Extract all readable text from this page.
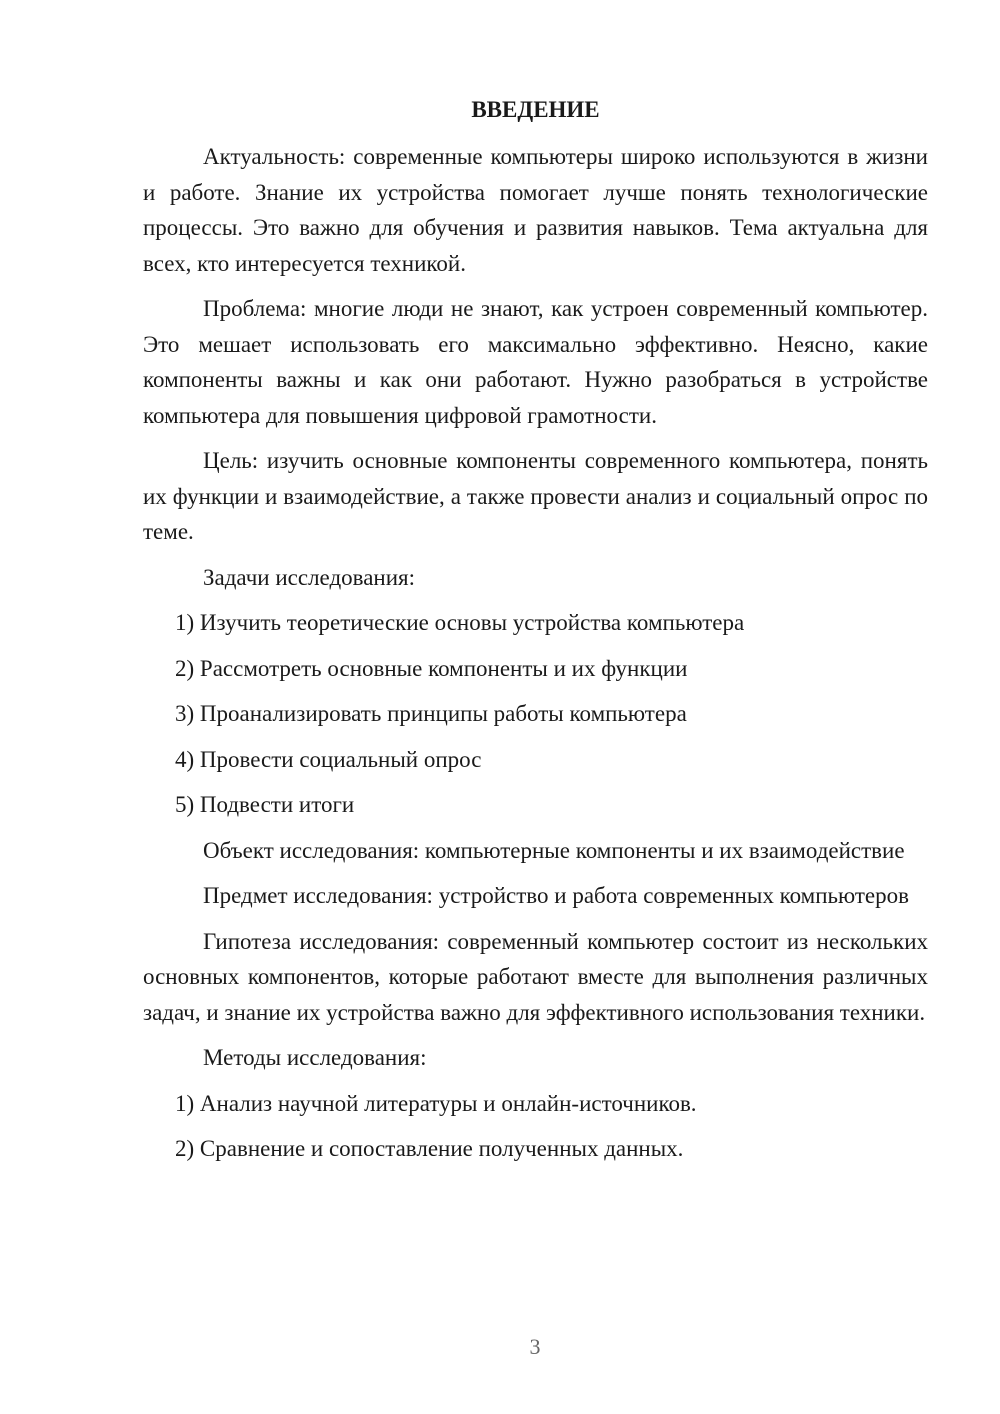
ВВЕДЕНИЕ
Актуальность: современные компьютеры широко используются в жизни и работе. Знание их устройства помогает лучше понять технологические процессы. Это важно для обучения и развития навыков. Тема актуальна для всех, кто интересуется техникой.
Проблема: многие люди не знают, как устроен современный компьютер. Это мешает использовать его максимально эффективно. Неясно, какие компоненты важны и как они работают. Нужно разобраться в устройстве компьютера для повышения цифровой грамотности.
Цель: изучить основные компоненты современного компьютера, понять их функции и взаимодействие, а также провести анализ и социальный опрос по теме.
Задачи исследования:
1) Изучить теоретические основы устройства компьютера
2) Рассмотреть основные компоненты и их функции
3) Проанализировать принципы работы компьютера
4) Провести социальный опрос
5) Подвести итоги
Объект исследования: компьютерные компоненты и их взаимодействие
Предмет исследования: устройство и работа современных компьютеров
Гипотеза исследования: современный компьютер состоит из нескольких основных компонентов, которые работают вместе для выполнения различных задач, и знание их устройства важно для эффективного использования техники.
Методы исследования:
1) Анализ научной литературы и онлайн-источников.
2) Сравнение и сопоставление полученных данных.
3
